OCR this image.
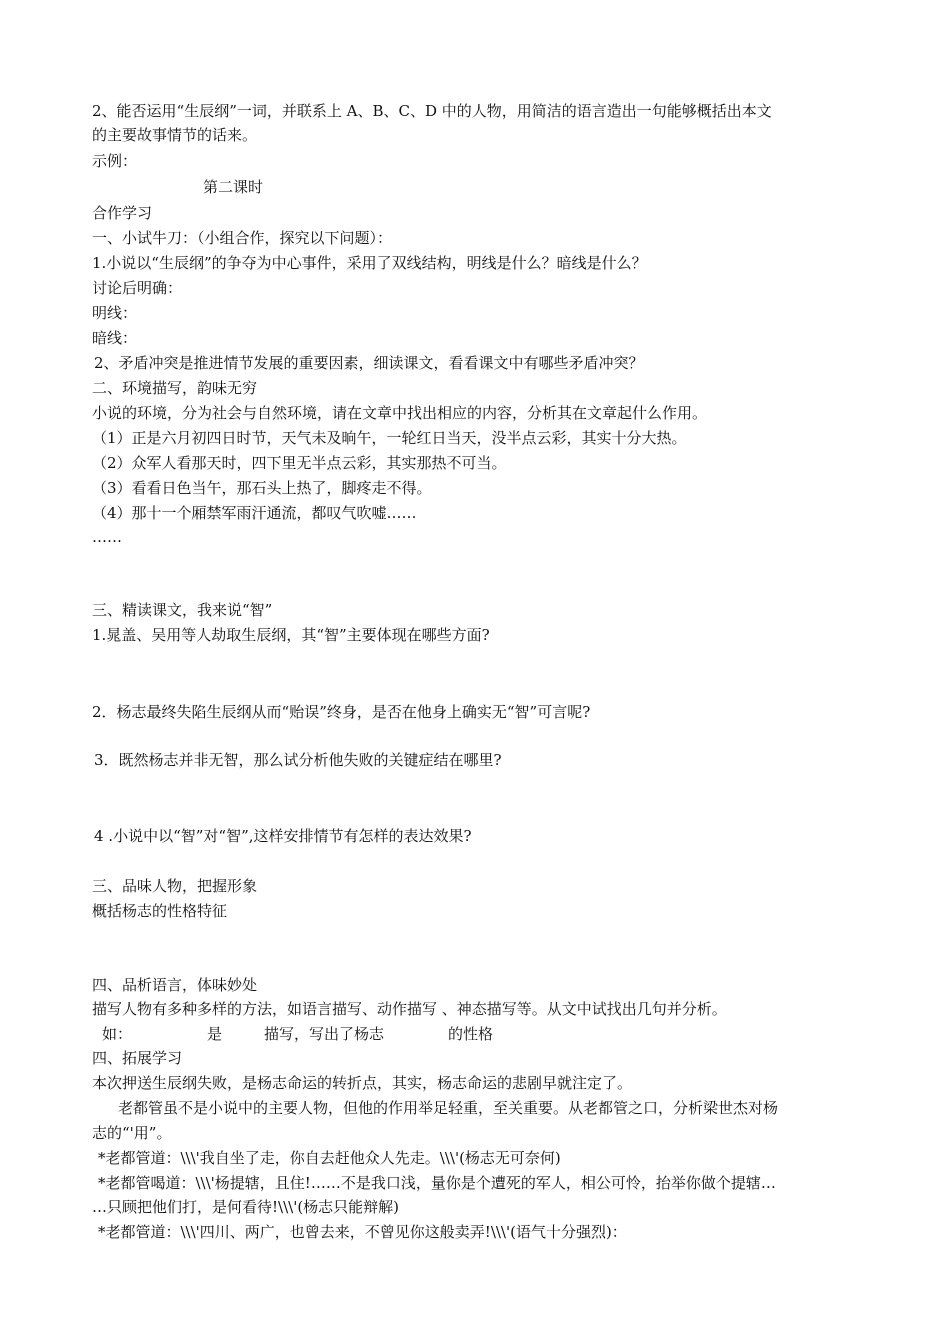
2、能否运用“生辰纲”一词，并联系上 A、B、C、D 中的人物，用简洁的语言造出一句能够概括出本文
的主要故事情节的话来。
示例：
第二课时
合作学习
一、小试牛刀：（小组合作，探究以下问题）：
1.小说以“生辰纲”的争夺为中心事件，采用了双线结构，明线是什么？暗线是什么？
讨论后明确：
明线：
暗线：
2、矛盾冲突是推进情节发展的重要因素，细读课文，看看课文中有哪些矛盾冲突？
二、环境描写，韵味无穷
小说的环境，分为社会与自然环境，请在文章中找出相应的内容，分析其在文章起什么作用。
（1）正是六月初四日时节，天气未及晌午，一轮红日当天，没半点云彩，其实十分大热。
（2）众军人看那天时，四下里无半点云彩，其实那热不可当。
（3）看看日色当午，那石头上热了，脚疼走不得。
（4）那十一个厢禁军雨汗通流，都叹气吹嘘……
……
三、精读课文，我来说“智”
1.晁盖、吴用等人劫取生辰纲，其“智”主要体现在哪些方面?
2．杨志最终失陷生辰纲从而“贻误”终身，是否在他身上确实无“智”可言呢?
3．既然杨志并非无智，那么试分析他失败的关键症结在哪里?
4 .小说中以“智”对“智”,这样安排情节有怎样的表达效果?
三、品味人物，把握形象
概括杨志的性格特征
四、品析语言，体味妙处
描写人物有多种多样的方法，如语言描写、动作描写 、神态描写等。从文中试找出几句并分析。
如：	是	描写，写出了杨志	的性格
四、拓展学习
本次押送生辰纲失败，是杨志命运的转折点，其实，杨志命运的悲剧早就注定了。
老都管虽不是小说中的主要人物，但他的作用举足轻重，至关重要。从老都管之口，分析梁世杰对杨
志的“'用”。
*老都管道：\\\'我自坐了走，你自去赶他众人先走。\\\'(杨志无可奈何)
*老都管喝道：\\\'杨提辖，且住!……不是我口浅，量你是个遭死的军人，相公可怜，抬举你做个提辖…
…只顾把他们打，是何看待!\\\'(杨志只能辩解)
*老都管道：\\\'四川、两广，也曾去来，不曾见你这般卖弄!\\\'(语气十分强烈)：
